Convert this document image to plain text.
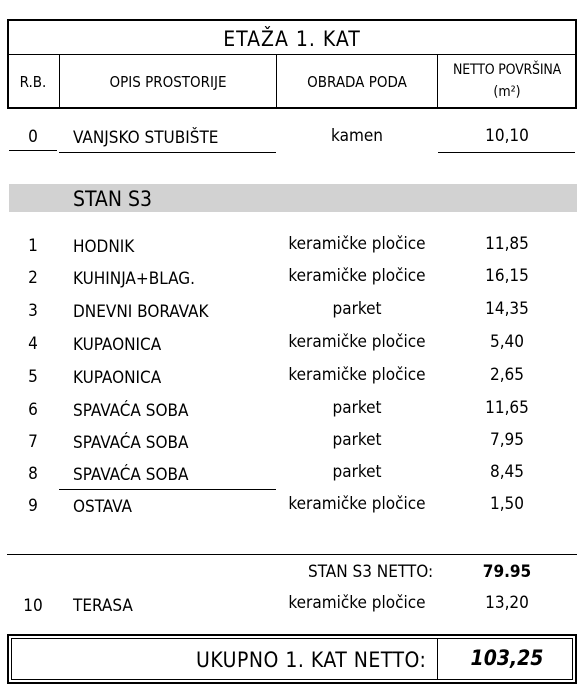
ETAŽA 1. KAT
R.B.	OPIS PROSTORIJE	OBRADA PODA
NETTO POVRŠINA
(m²)
0	VANJSKO STUBIŠTE	kamen	10,10
STAN S3
1	HODNIK	keramičke pločice	11,85
2	KUHINJA+BLAG.	keramičke pločice	16,15
3	DNEVNI BORAVAK	parket	14,35
4	KUPAONICA	keramičke pločice	5,40
5	KUPAONICA	keramičke pločice	2,65
6	SPAVAĆA SOBA	parket	11,65
7	SPAVAĆA SOBA	parket	7,95
8	SPAVAĆA SOBA	parket	8,45
9	OSTAVA	keramičke pločice	1,50
STAN S3 NETTO:	79.95
10	TERASA	keramičke pločice	13,20
UKUPNO 1. KAT NETTO:	103,25
